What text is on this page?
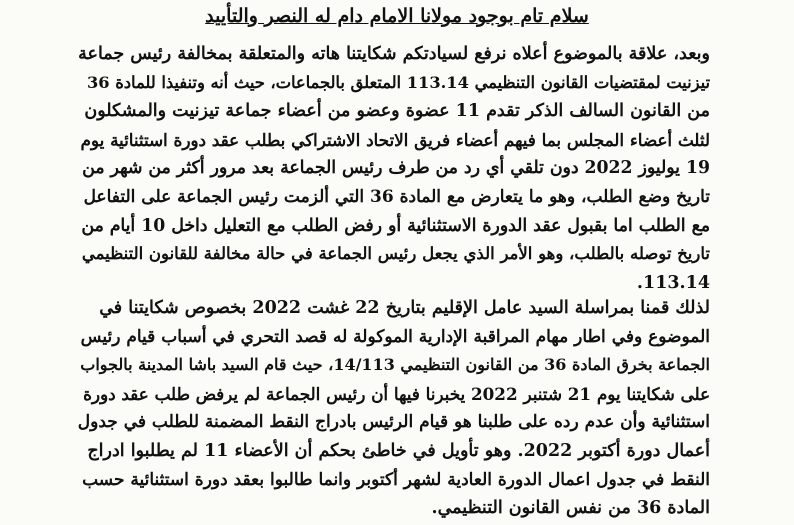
سلام تام بوجود مولانا الامام دام له النصر والتأييد
وبعد، علاقة بالموضوع أعلاه نرفع لسيادتكم شكايتنا هاته والمتعلقة بمخالفة رئيس جماعة
تيزنيت لمقتضيات القانون التنظيمي 113.14 المتعلق بالجماعات، حيث أنه وتنفيذا للمادة 36
من القانون السالف الذكر تقدم 11 عضوة وعضو من أعضاء جماعة تيزنيت والمشكلون
لثلث أعضاء المجلس بما فيهم أعضاء فريق الاتحاد الاشتراكي بطلب عقد دورة استثنائية يوم
19 يوليوز 2022 دون تلقي أي رد من طرف رئيس الجماعة بعد مرور أكثر من شهر من
تاريخ وضع الطلب، وهو ما يتعارض مع المادة 36 التي ألزمت رئيس الجماعة على التفاعل
مع الطلب اما بقبول عقد الدورة الاستثنائية أو رفض الطلب مع التعليل داخل 10 أيام من
تاريخ توصله بالطلب، وهو الأمر الذي يجعل رئيس الجماعة في حالة مخالفة للقانون التنظيمي
113.14.
لذلك قمنا بمراسلة السيد عامل الإقليم بتاريخ 22 غشت 2022 بخصوص شكايتنا في
الموضوع وفي اطار مهام المراقبة الإدارية الموكولة له قصد التحري في أسباب قيام رئيس
الجماعة بخرق المادة 36 من القانون التنظيمي 14/113، حيث قام السيد باشا المدينة بالجواب
على شكايتنا يوم 21 شتنبر 2022 يخبرنا فيها أن رئيس الجماعة لم يرفض طلب عقد دورة
استثنائية وأن عدم رده على طلبنا هو قيام الرئيس بادراج النقط المضمنة للطلب في جدول
أعمال دورة أكتوبر 2022. وهو تأويل في خاطئ بحكم أن الأعضاء 11 لم يطلبوا ادراج
النقط في جدول اعمال الدورة العادية لشهر أكتوبر وانما طالبوا بعقد دورة استثنائية حسب
المادة 36 من نفس القانون التنظيمي.
